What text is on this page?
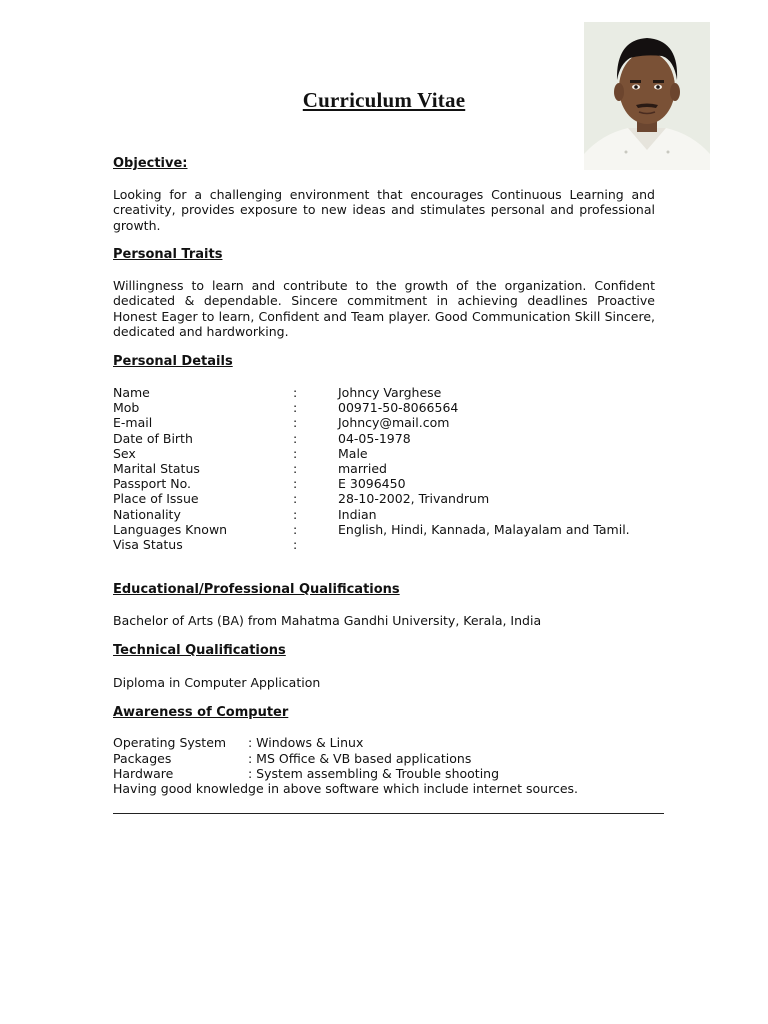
Curriculum Vitae
Objective:
Looking for a challenging environment that encourages Continuous Learning and creativity, provides exposure to new ideas and stimulates personal and professional growth.
Personal Traits
Willingness to learn and contribute to the growth of the organization. Confident dedicated & dependable. Sincere commitment in achieving deadlines Proactive Honest Eager to learn, Confident and Team player. Good Communication Skill Sincere, dedicated and hardworking.
Personal Details
Name	:	Johncy Varghese
Mob	:	00971-50-8066564
E-mail	:	Johncy@mail.com
Date of Birth	:	04-05-1978
Sex	:	Male
Marital Status	:	married
Passport No.	:	E 3096450
Place of Issue	:	28-10-2002, Trivandrum
Nationality	:	Indian
Languages Known	:	English, Hindi, Kannada, Malayalam and Tamil.
Visa Status	:
Educational/Professional Qualifications
Bachelor of Arts (BA) from Mahatma Gandhi University, Kerala, India
Technical Qualifications
Diploma in Computer Application
Awareness of Computer
Operating System : Windows & Linux
Packages	: MS Office & VB based applications
Hardware	: System assembling & Trouble shooting
Having good knowledge in above software which include internet sources.
